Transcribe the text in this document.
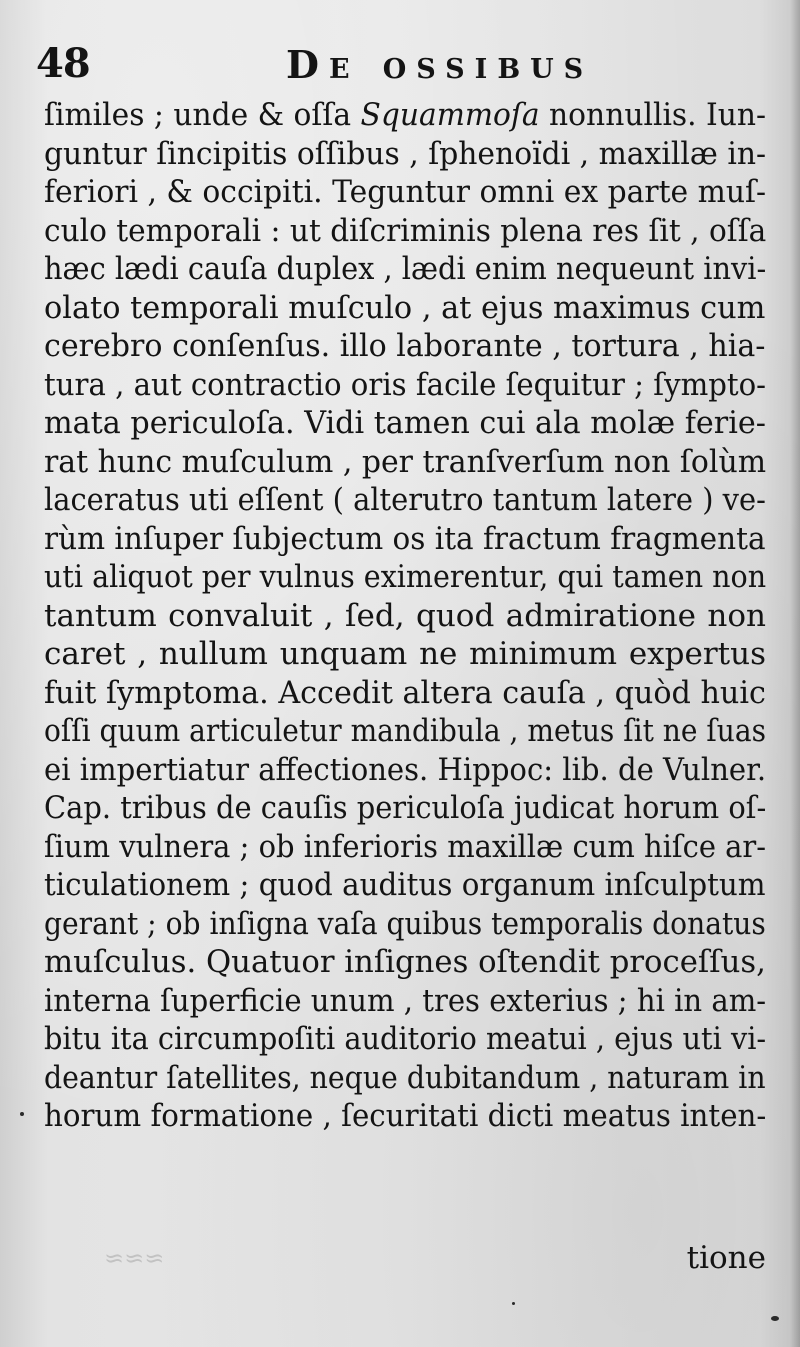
48	De ossibus
ſimiles ; unde & oſſa Squammoſa nonnullis. Iun-
guntur ſincipitis oſſibus , ſphenoïdi , maxillæ in-
feriori , & occipiti. Teguntur omni ex parte muſ-
culo temporali : ut diſcriminis plena res ſit , oſſa
hæc lædi cauſa duplex , lædi enim nequeunt invi-
olato temporali muſculo , at ejus maximus cum
cerebro conſenſus. illo laborante , tortura , hia-
tura , aut contractio oris facile ſequitur ; ſympto-
mata periculoſa. Vidi tamen cui ala molæ ferie-
rat hunc muſculum , per tranſverſum non ſolùm
laceratus uti eſſent ( alterutro tantum latere ) ve-
rùm inſuper ſubjectum os ita fractum fragmenta
uti aliquot per vulnus eximerentur, qui tamen non
tantum convaluit , ſed, quod admiratione non
caret , nullum unquam ne minimum expertus
fuit ſymptoma. Accedit altera cauſa , quòd huic
oſſi quum articuletur mandibula , metus ſit ne ſuas
ei impertiatur affectiones. Hippoc: lib. de Vulner.
Cap. tribus de cauſis periculoſa judicat horum oſ-
ſium vulnera ; ob inferioris maxillæ cum hiſce ar-
ticulationem ; quod auditus organum inſculptum
gerant ; ob inſigna vaſa quibus temporalis donatus
muſculus. Quatuor inſignes oſtendit proceſſus,
interna ſuperficie unum , tres exterius ; hi in am-
bitu ita circumpoſiti auditorio meatui , ejus uti vi-
deantur ſatellites, neque dubitandum , naturam in
horum formatione , ſecuritati dicti meatus inten-
≈≈≈	tione
